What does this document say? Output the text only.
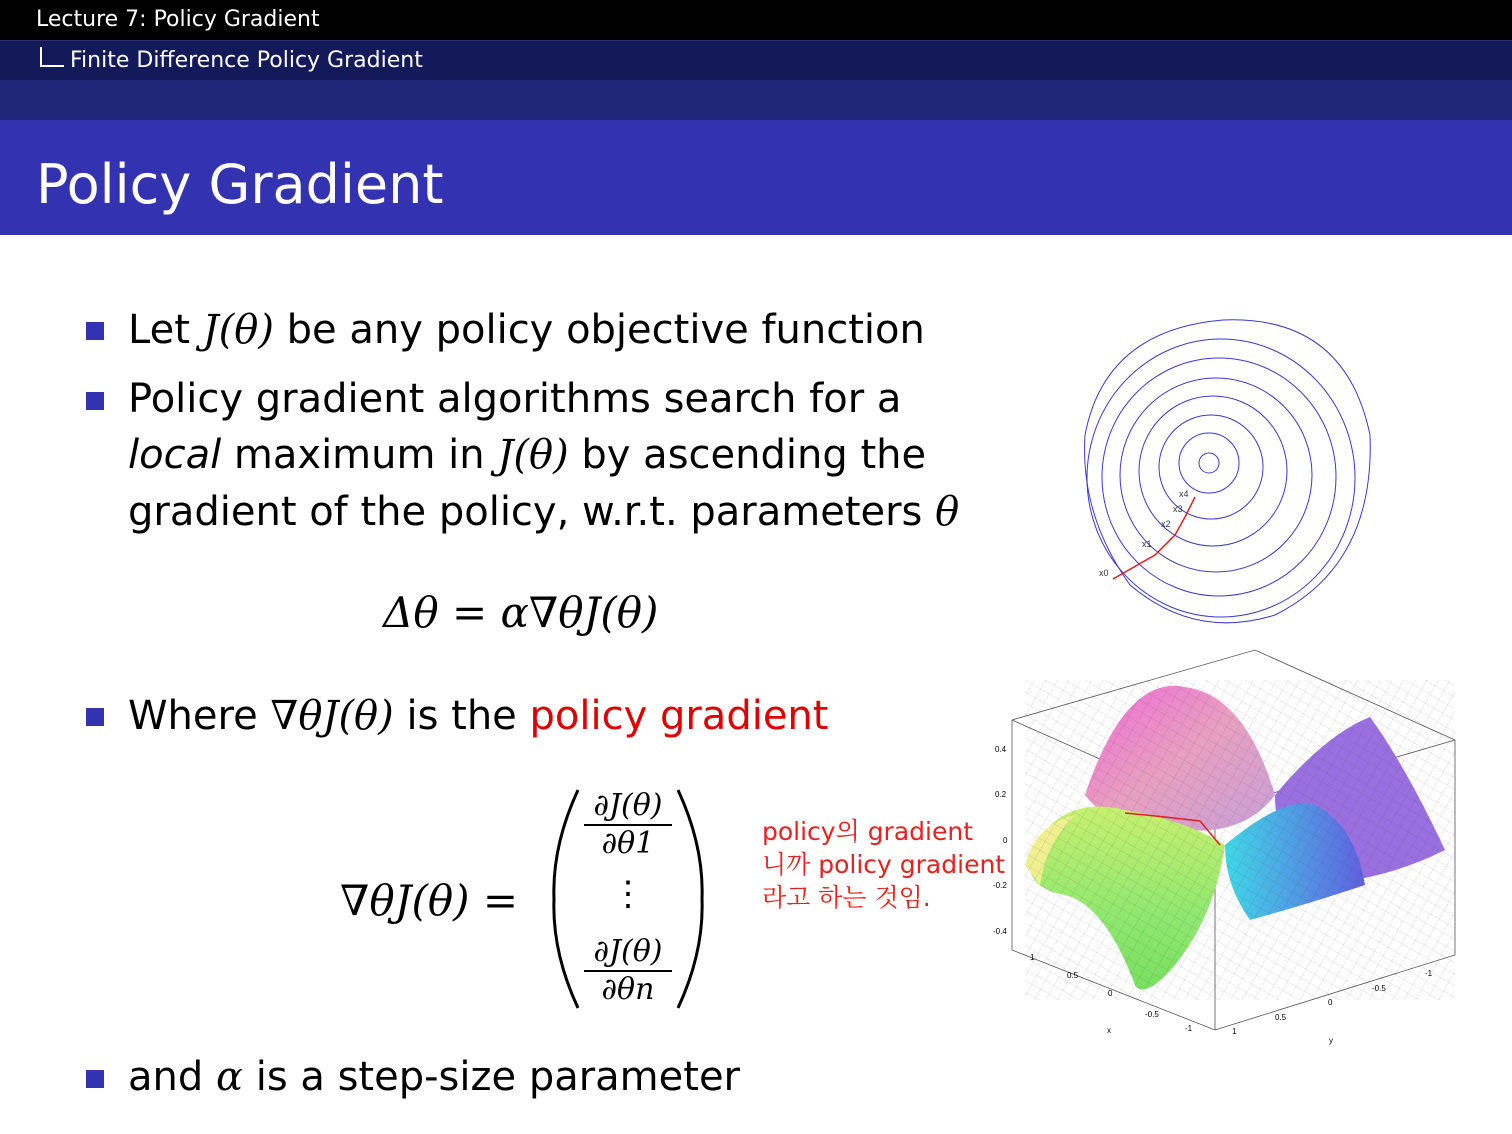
Lecture 7: Policy Gradient
Finite Difference Policy Gradient
Policy Gradient
Let J(θ) be any policy objective function
Policy gradient algorithms search for a
local maximum in J(θ) by ascending the
gradient of the policy, w.r.t. parameters θ
Δθ = α∇θJ(θ)
Where ∇θJ(θ) is the policy gradient
∇θJ(θ) =
$\frac{\partial J(\theta)}{\partial\theta 1}$
⋮
$\frac{\partial J(\theta)}{\partial\theta n}$
policy의 gradient
니까 policy gradient
라고 하는 것임.
and α is a step-size parameter
x0
x1
x2
x3
x4
0.4
0.2
0
-0.2
-0.4
1
0.5
0
-0.5
-1
x	1
0.5
0
-0.5
-1
y
